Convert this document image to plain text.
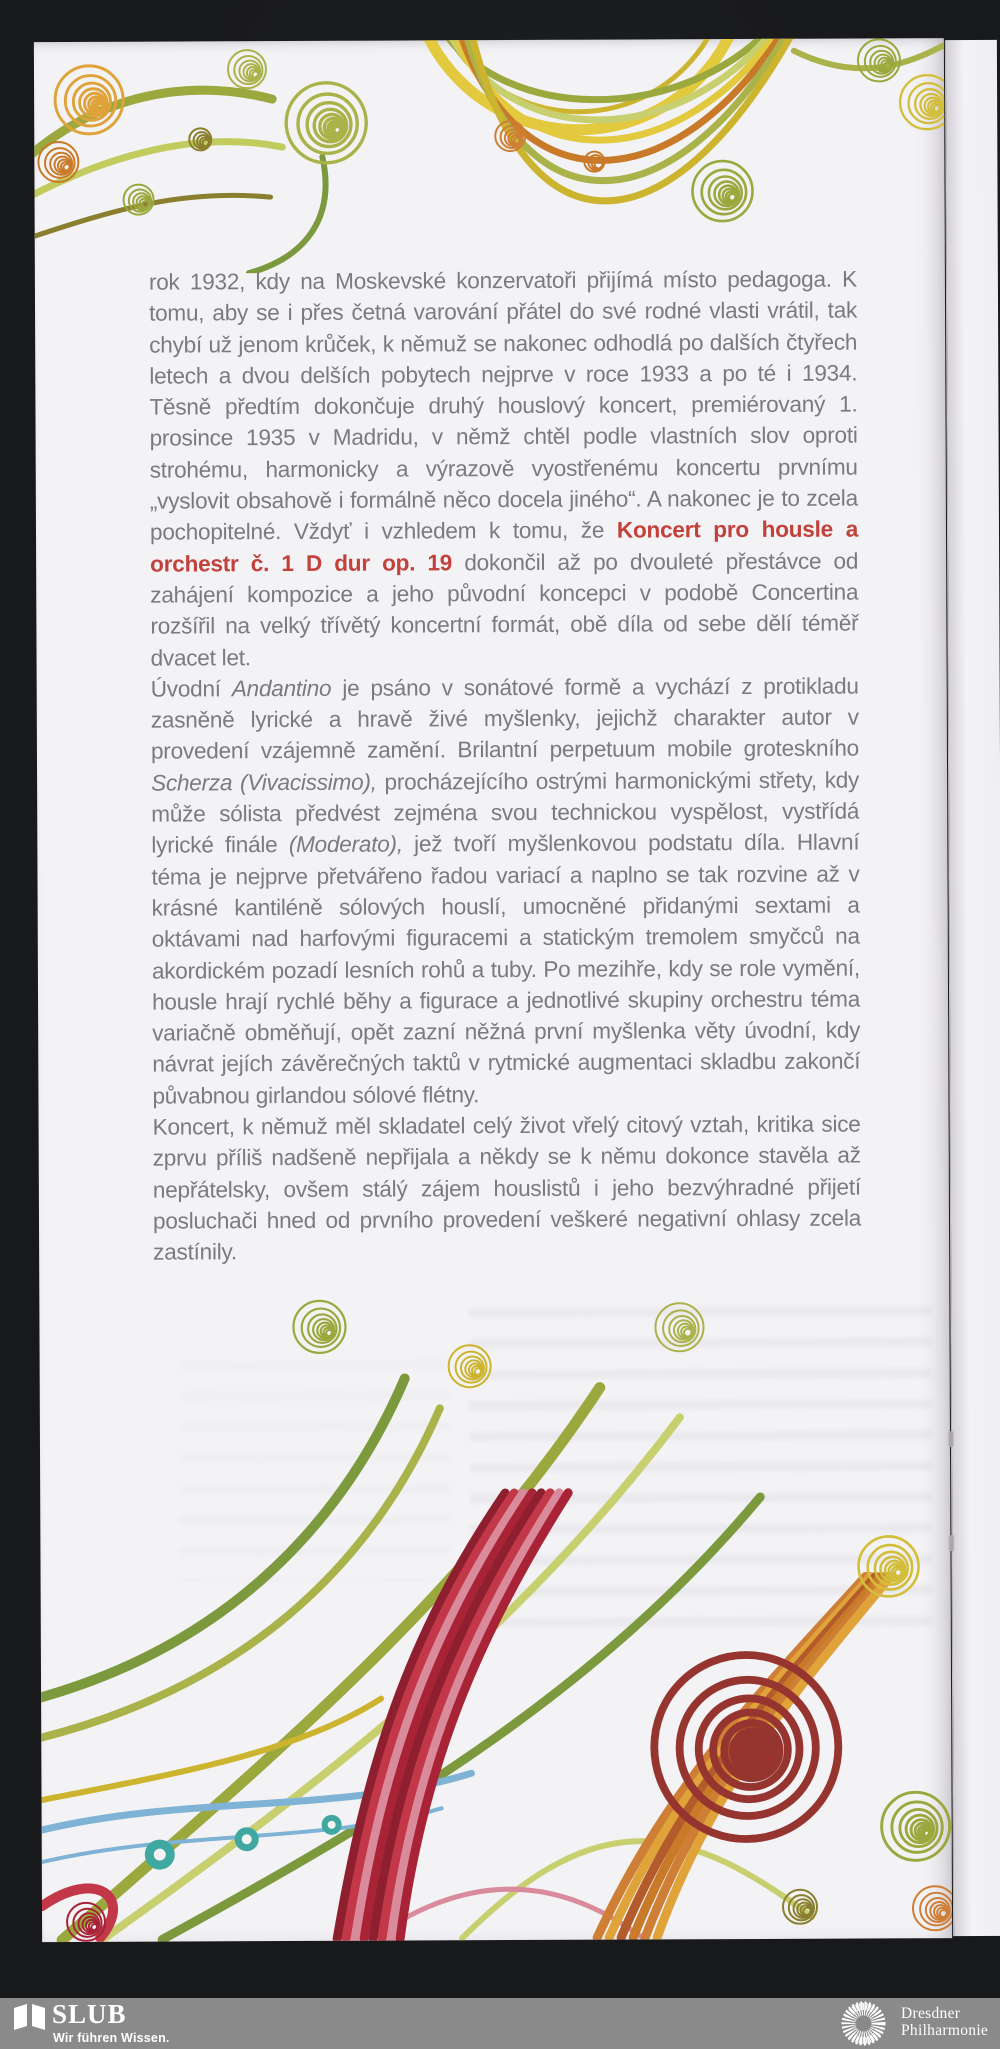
rok 1932, kdy na Moskevské konzervatoři přijímá místo pedagoga. K tomu, aby se i přes četná varování přátel do své rodné vlasti vrátil, tak chybí už jenom krůček, k němuž se nakonec odhodlá po dalších čtyřech letech a dvou delších pobytech nejprve v roce 1933 a po té i 1934. Těsně předtím dokončuje druhý houslový koncert, premiérovaný 1. prosince 1935 v Madridu, v němž chtěl podle vlastních slov oproti strohému, harmonicky a výrazově vyostřenému koncertu prvnímu „vyslovit obsahově i formálně něco docela jiného“. A nakonec je to zcela pochopitelné. Vždyť i vzhledem k tomu, že Koncert pro housle a orchestr č. 1 D dur op. 19 dokončil až po dvouleté přestávce od zahájení kompozice a jeho původní koncepci v podobě Concertina rozšířil na velký třívětý koncertní formát, obě díla od sebe dělí téměř dvacet let.

Úvodní Andantino je psáno v sonátové formě a vychází z protikladu zasněně lyrické a hravě živé myšlenky, jejichž charakter autor v provedení vzájemně zamění. Brilantní perpetuum mobile groteskního Scherza (Vivacissimo), procházejícího ostrými harmonickými střety, kdy může sólista předvést zejména svou technickou vyspělost, vystřídá lyrické finále (Moderato), jež tvoří myšlenkovou podstatu díla. Hlavní téma je nejprve přetvářeno řadou variací a naplno se tak rozvine až v krásné kantiléně sólových houslí, umocněné přidanými sextami a oktávami nad harfovými figuracemi a statickým tremolem smyčců na akordickém pozadí lesních rohů a tuby. Po mezihře, kdy se role vymění, housle hrají rychlé běhy a figurace a jednotlivé skupiny orchestru téma variačně obměňují, opět zazní něžná první myšlenka věty úvodní, kdy návrat jejích závěrečných taktů v rytmické augmentaci skladbu zakončí půvabnou girlandou sólové flétny.

Koncert, k němuž měl skladatel celý život vřelý citový vztah, kritika sice zprvu příliš nadšeně nepřijala a někdy se k němu dokonce stavěla až nepřátelsky, ovšem stálý zájem houslistů i jeho bezvýhradné přijetí posluchači hned od prvního provedení veškeré negativní ohlasy zcela zastínily.

SLUB
Wir führen Wissen.
Dresdner
Philharmonie
